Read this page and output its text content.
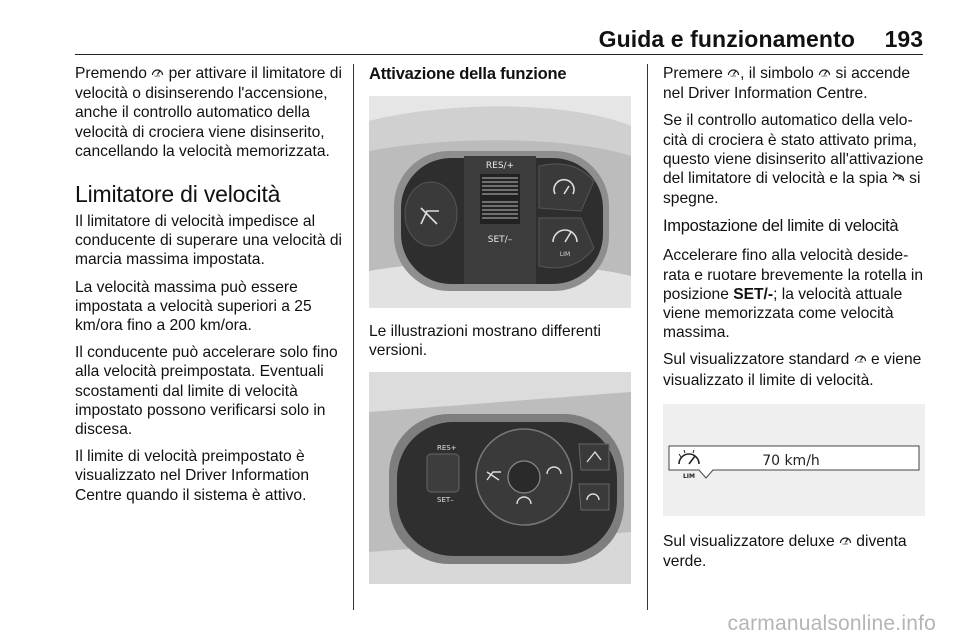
Guida e funzionamento 193

Premendo LIM per attivare il limitatore di velocità o disinserendo l'accensione, anche il controllo automatico della velocità di crociera viene disinserito, cancellando la velocità memorizzata.

Limitatore di velocità

Il limitatore di velocità impedisce al conducente di superare una velocità di marcia massima impostata.

La velocità massima può essere impostata a velocità superiori a 25 km/ora fino a 200 km/ora.

Il conducente può accelerare solo fino alla velocità preimpostata. Eventuali scostamenti dal limite di velocità impostato possono verificarsi solo in discesa.

Il limite di velocità preimpostato è visualizzato nel Driver Information Centre quando il sistema è attivo.

Attivazione della funzione
RES/+
SET/–
LIM

Le illustrazioni mostrano differenti versioni.

RES+
SET–

Premere LIM , il simbolo LIM si accende nel Driver Information Centre.

Se il controllo automatico della velocità di crociera è stato attivato prima, questo viene disinserito all'attivazione del limitatore di velocità e la spia  si spegne.

Impostazione del limite di velocità

Accelerare fino alla velocità desiderata e ruotare brevemente la rotella in posizione SET/-; la velocità attuale viene memorizzata come velocità massima.

Sul visualizzatore standard LIM e viene visualizzato il limite di velocità.

LIM
70 km/h

Sul visualizzatore deluxe LIM diventa verde.

carmanualsonline.info
